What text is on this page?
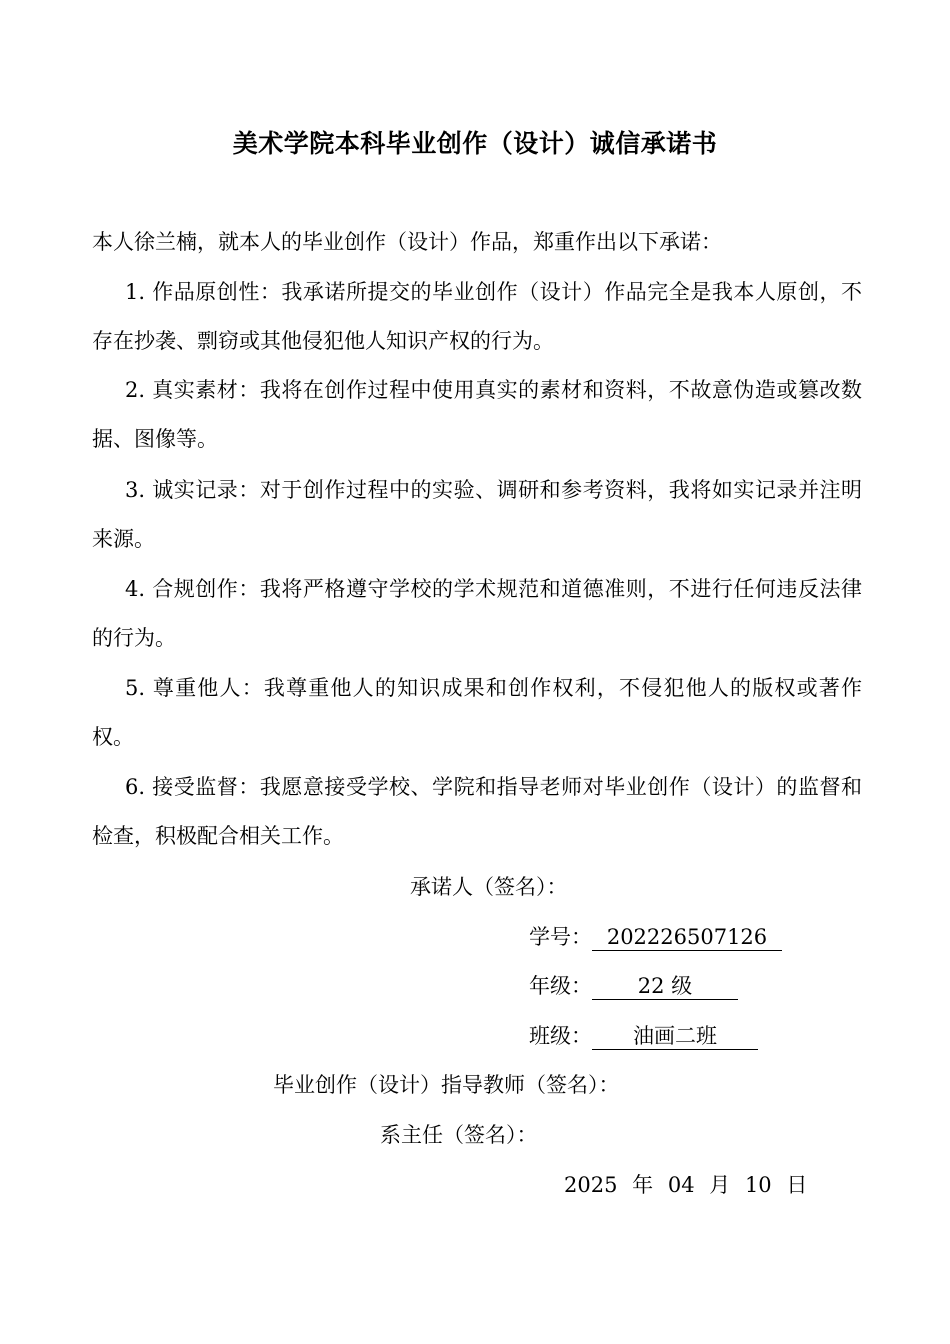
美术学院本科毕业创作（设计）诚信承诺书
本人徐兰楠，就本人的毕业创作（设计）作品，郑重作出以下承诺：
1. 作品原创性：我承诺所提交的毕业创作（设计）作品完全是我本人原创，不存在抄袭、剽窃或其他侵犯他人知识产权的行为。
2. 真实素材：我将在创作过程中使用真实的素材和资料，不故意伪造或篡改数据、图像等。
3. 诚实记录：对于创作过程中的实验、调研和参考资料，我将如实记录并注明来源。
4. 合规创作：我将严格遵守学校的学术规范和道德准则，不进行任何违反法律的行为。
5. 尊重他人：我尊重他人的知识成果和创作权利，不侵犯他人的版权或著作权。
6. 接受监督：我愿意接受学校、学院和指导老师对毕业创作（设计）的监督和检查，积极配合相关工作。
承诺人（签名）：
学号： 202226507126
年级： 22 级
班级： 油画二班
毕业创作（设计）指导教师（签名）：
系主任（签名）：
2025 年 04 月 10 日
